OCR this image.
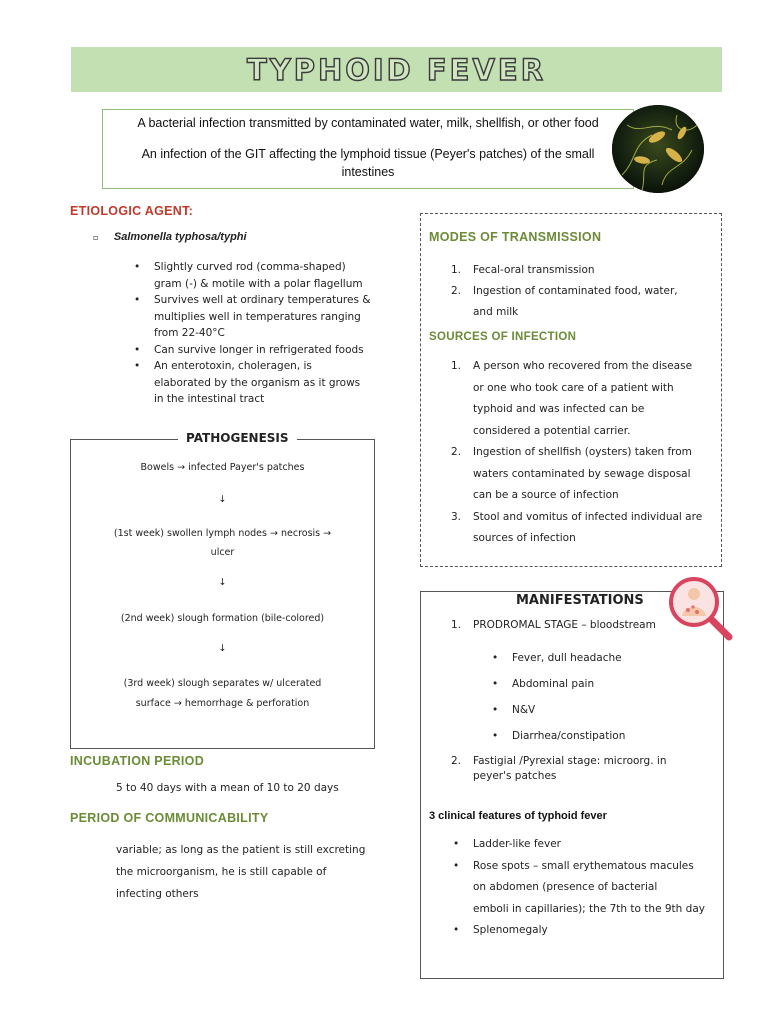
TYPHOID FEVER
A bacterial infection transmitted by contaminated water, milk, shellfish, or other food
An infection of the GIT affecting the lymphoid tissue (Peyer's patches) of the small
intestines
ETIOLOGIC AGENT:
▫ Salmonella typhosa/typhi
• Slightly curved rod (comma-shaped)
gram (-) & motile with a polar flagellum
• Survives well at ordinary temperatures &
multiplies well in temperatures ranging
from 22-40°C
• Can survive longer in refrigerated foods
• An enterotoxin, choleragen, is
elaborated by the organism as it grows
in the intestinal tract
PATHOGENESIS
Bowels → infected Payer's patches
↓
(1st week) swollen lymph nodes → necrosis →
ulcer
↓
(2nd week) slough formation (bile-colored)
↓
(3rd week) slough separates w/ ulcerated
surface → hemorrhage & perforation
INCUBATION PERIOD
5 to 40 days with a mean of 10 to 20 days
PERIOD OF COMMUNICABILITY
variable; as long as the patient is still excreting
the microorganism, he is still capable of
infecting others
MODES OF TRANSMISSION
1. Fecal-oral transmission
2. Ingestion of contaminated food, water,
and milk
SOURCES OF INFECTION
1. A person who recovered from the disease
or one who took care of a patient with
typhoid and was infected can be
considered a potential carrier.
2. Ingestion of shellfish (oysters) taken from
waters contaminated by sewage disposal
can be a source of infection
3. Stool and vomitus of infected individual are
sources of infection
MANIFESTATIONS
1. PRODROMAL STAGE – bloodstream
• Fever, dull headache
• Abdominal pain
• N&V
• Diarrhea/constipation
2. Fastigial /Pyrexial stage: microorg. in
peyer's patches
3 clinical features of typhoid fever
• Ladder-like fever
• Rose spots – small erythematous macules
on abdomen (presence of bacterial
emboli in capillaries); the 7th to the 9th day
• Splenomegaly
